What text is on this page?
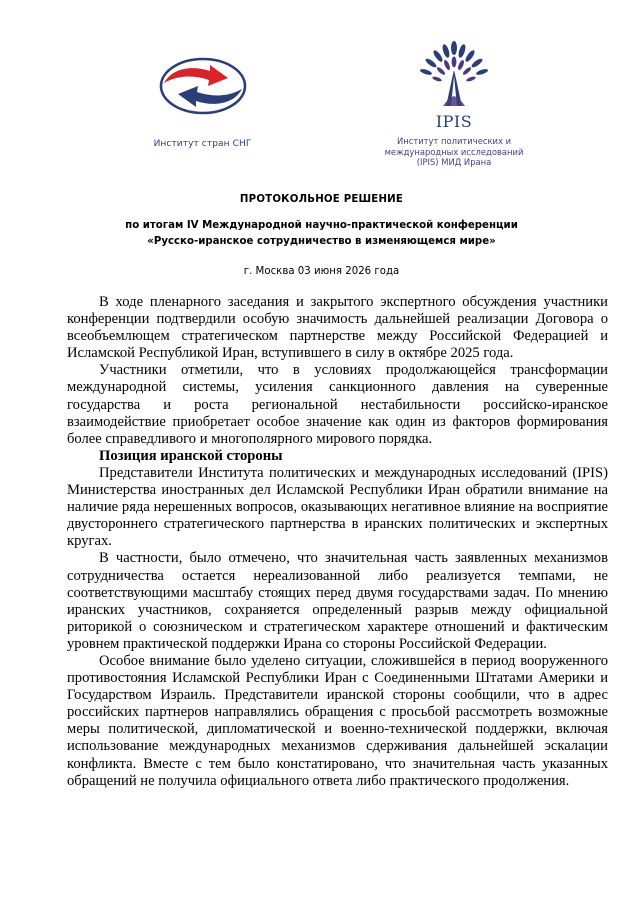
Институт стран СНГ
IPIS
Институт политических и
международных исследований
(IPIS) МИД Ирана
ПРОТОКОЛЬНОЕ РЕШЕНИЕ
по итогам IV Международной научно-практической конференции
«Русско-иранское сотрудничество в изменяющемся мире»
г. Москва 03 июня 2026 года

В ходе пленарного заседания и закрытого экспертного обсуждения участники конференции подтвердили особую значимость дальнейшей реализации Договора о всеобъемлющем стратегическом партнерстве между Российской Федерацией и Исламской Республикой Иран, вступившего в силу в октябре 2025 года.

Участники отметили, что в условиях продолжающейся трансформации международной системы, усиления санкционного давления на суверенные государства и роста региональной нестабильности российско-иранское взаимодействие приобретает особое значение как один из факторов формирования более справедливого и многополярного мирового порядка.

Позиция иранской стороны

Представители Института политических и международных исследований (IPIS) Министерства иностранных дел Исламской Республики Иран обратили внимание на наличие ряда нерешенных вопросов, оказывающих негативное влияние на восприятие двустороннего стратегического партнерства в иранских политических и экспертных кругах.

В частности, было отмечено, что значительная часть заявленных механизмов сотрудничества остается нереализованной либо реализуется темпами, не соответствующими масштабу стоящих перед двумя государствами задач. По мнению иранских участников, сохраняется определенный разрыв между официальной риторикой о союзническом и стратегическом характере отношений и фактическим уровнем практической поддержки Ирана со стороны Российской Федерации.

Особое внимание было уделено ситуации, сложившейся в период вооруженного противостояния Исламской Республики Иран с Соединенными Штатами Америки и Государством Израиль. Представители иранской стороны сообщили, что в адрес российских партнеров направлялись обращения с просьбой рассмотреть возможные меры политической, дипломатической и военно-технической поддержки, включая использование международных механизмов сдерживания дальнейшей эскалации конфликта. Вместе с тем было констатировано, что значительная часть указанных обращений не получила официального ответа либо практического продолжения.
